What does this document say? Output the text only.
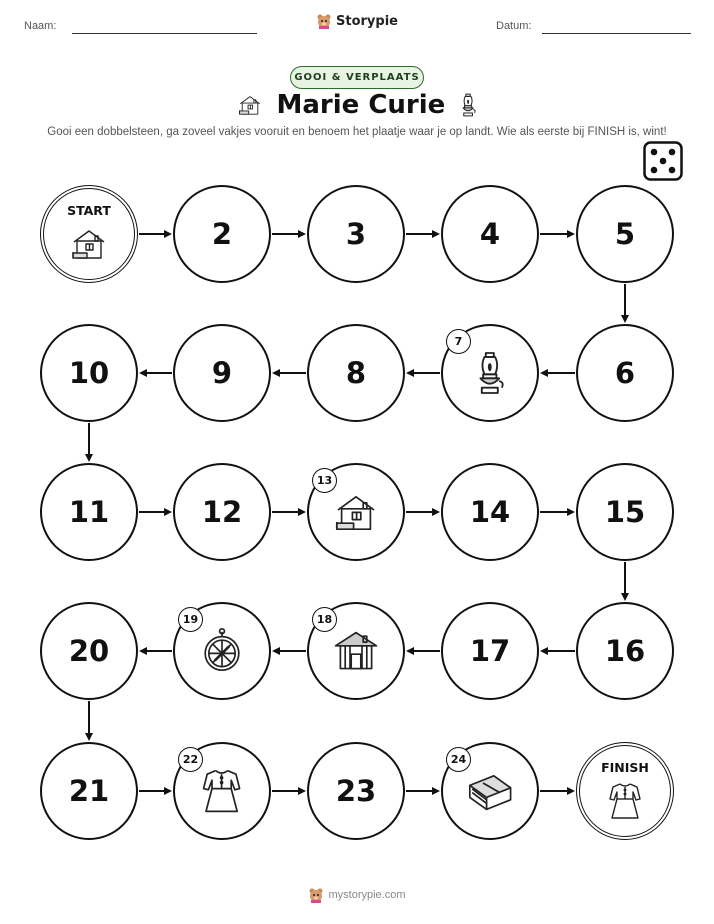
Naam:	Storypie	Datum:
GOOI & VERPLAATS
Marie Curie
Gooi een dobbelsteen, ga zoveel vakjes vooruit en benoem het plaatje waar je op landt. Wie als eerste bij FINISH is, wint!
START
2	3	4	5
6
7
8
9
10
11	12
13
14	15
16
17
18
19
20
21
22
23
24
FINISH
mystorypie.com
